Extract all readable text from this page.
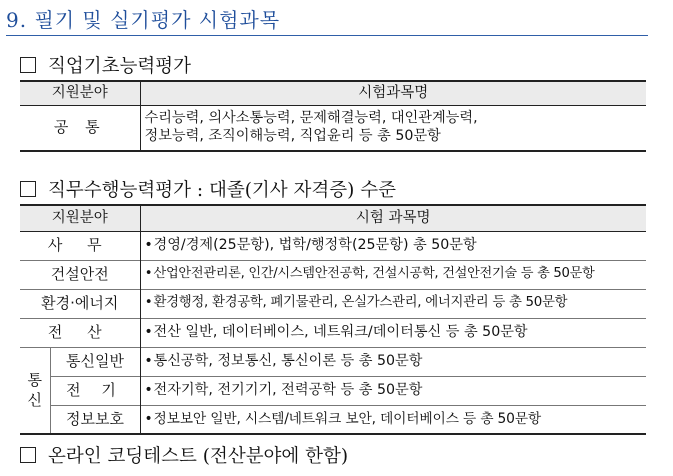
9. 필기 및 실기평가 시험과목
직업기초능력평가
지원분야	시험과목명
공 통	수리능력, 의사소통능력, 문제해결능력, 대인관계능력,
정보능력, 조직이해능력, 직업윤리 등 총 50문항
직무수행능력평가 : 대졸(기사 자격증) 수준
지원분야		시험 과목명
사 무		•경영/경제(25문항), 법학/행정학(25문항) 총 50문항
건설안전		•산업안전관리론, 인간/시스템안전공학, 건설시공학, 건설안전기술 등 총 50문항
환경·에너지		•환경행정, 환경공학, 폐기물관리, 온실가스관리, 에너지관리 등 총 50문항
전 산		•전산 일반, 데이터베이스, 네트워크/데이터통신 등 총 50문항

통
신	통신일반	•통신공학, 정보통신, 통신이론 등 총 50문항
	전 기	•전자기학, 전기기기, 전력공학 등 총 50문항
	정보보호	•정보보안 일반, 시스템/네트워크 보안, 데이터베이스 등 총 50문항
온라인 코딩테스트 (전산분야에 한함)
